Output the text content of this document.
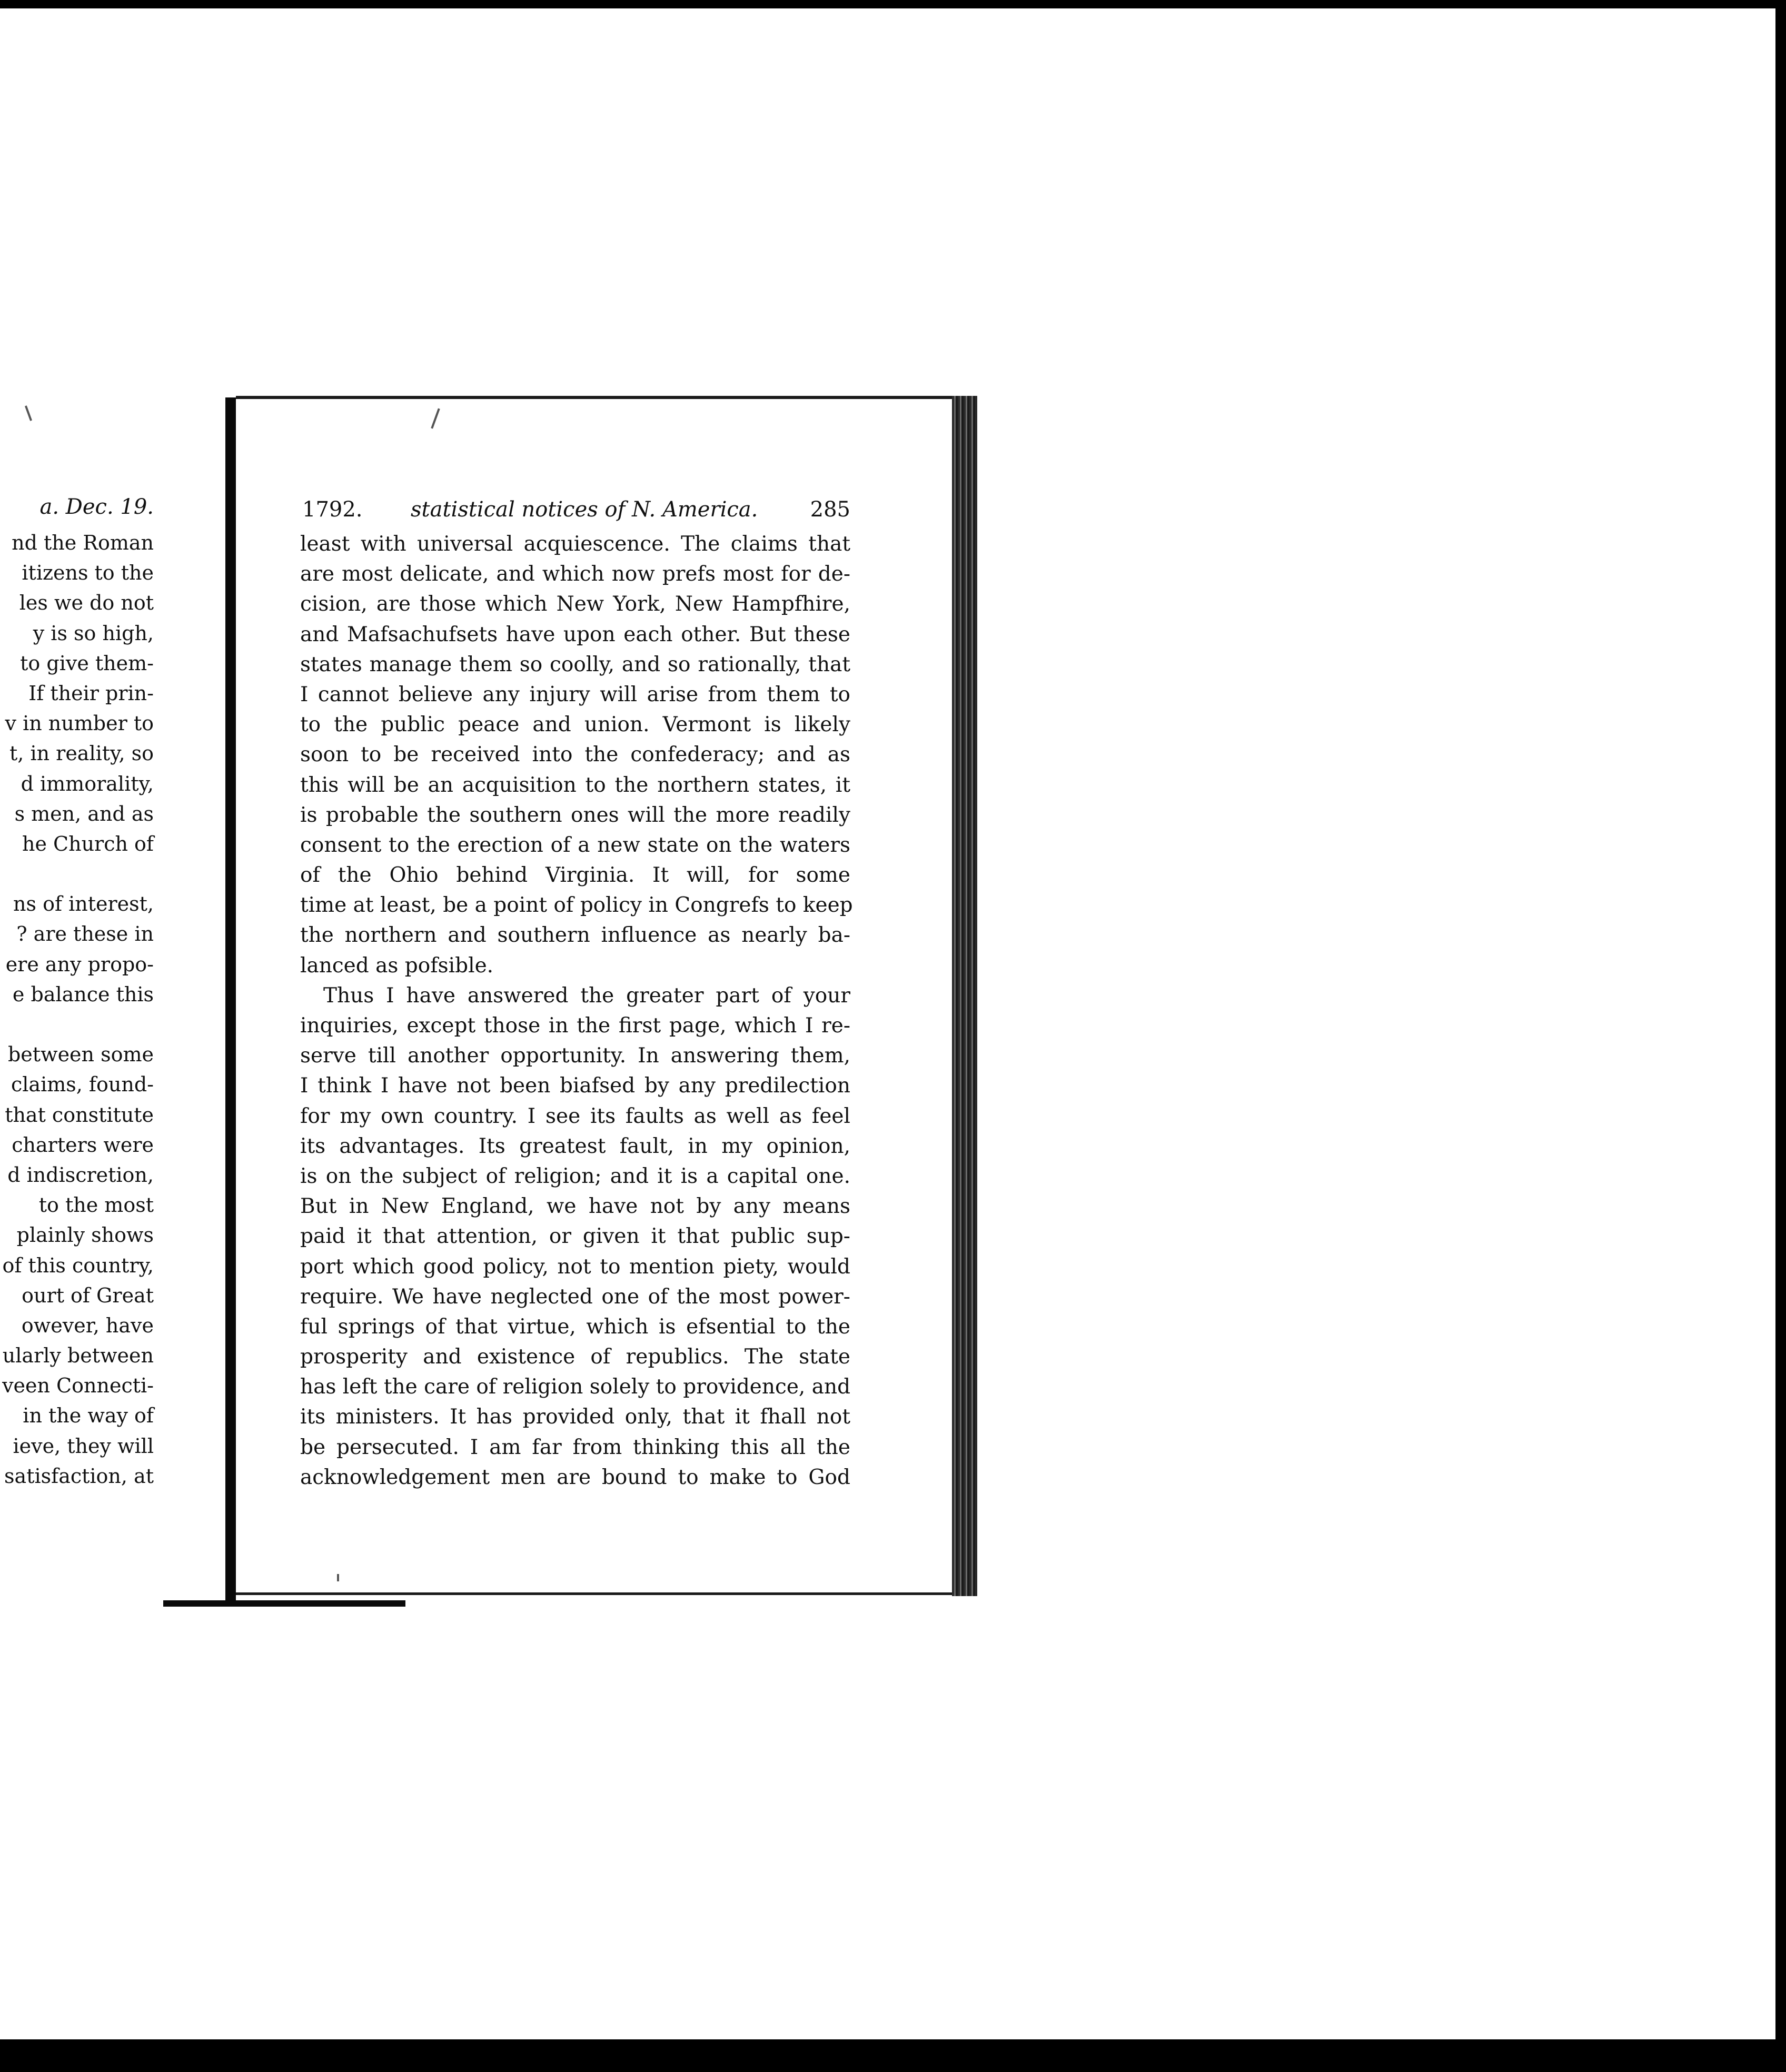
a. Dec. 19.
nd the Roman
itizens to the
les we do not
y is so high,
to give them-
If their prin-
v in number to
t, in reality, so
d immorality,
s men, and as
he Church of
ns of interest,
? are these in
ere any propo-
e balance this
between some
claims, found-
that constitute
charters were
d indiscretion,
to the most
plainly shows
of this country,
ourt of Great
owever, have
ularly between
veen Connecti-
in the way of
ieve, they will
satisfaction, at
1792. statistical notices of N. America. 285
least with universal acquiescence. The claims that
are most delicate, and which now prefs most for de-
cision, are those which New York, New Hampfhire,
and Mafsachufsets have upon each other. But these
states manage them so coolly, and so rationally, that
I cannot believe any injury will arise from them to
to the public peace and union. Vermont is likely
soon to be received into the confederacy; and as
this will be an acquisition to the northern states, it
is probable the southern ones will the more readily
consent to the erection of a new state on the waters
of the Ohio behind Virginia. It will, for some
time at least, be a point of policy in Congrefs to keep
the northern and southern influence as nearly ba-
lanced as pofsible.
Thus I have answered the greater part of your
inquiries, except those in the first page, which I re-
serve till another opportunity. In answering them,
I think I have not been biafsed by any predilection
for my own country. I see its faults as well as feel
its advantages. Its greatest fault, in my opinion,
is on the subject of religion; and it is a capital one.
But in New England, we have not by any means
paid it that attention, or given it that public sup-
port which good policy, not to mention piety, would
require. We have neglected one of the most power-
ful springs of that virtue, which is efsential to the
prosperity and existence of republics. The state
has left the care of religion solely to providence, and
its ministers. It has provided only, that it fhall not
be persecuted. I am far from thinking this all the
acknowledgement men are bound to make to God
